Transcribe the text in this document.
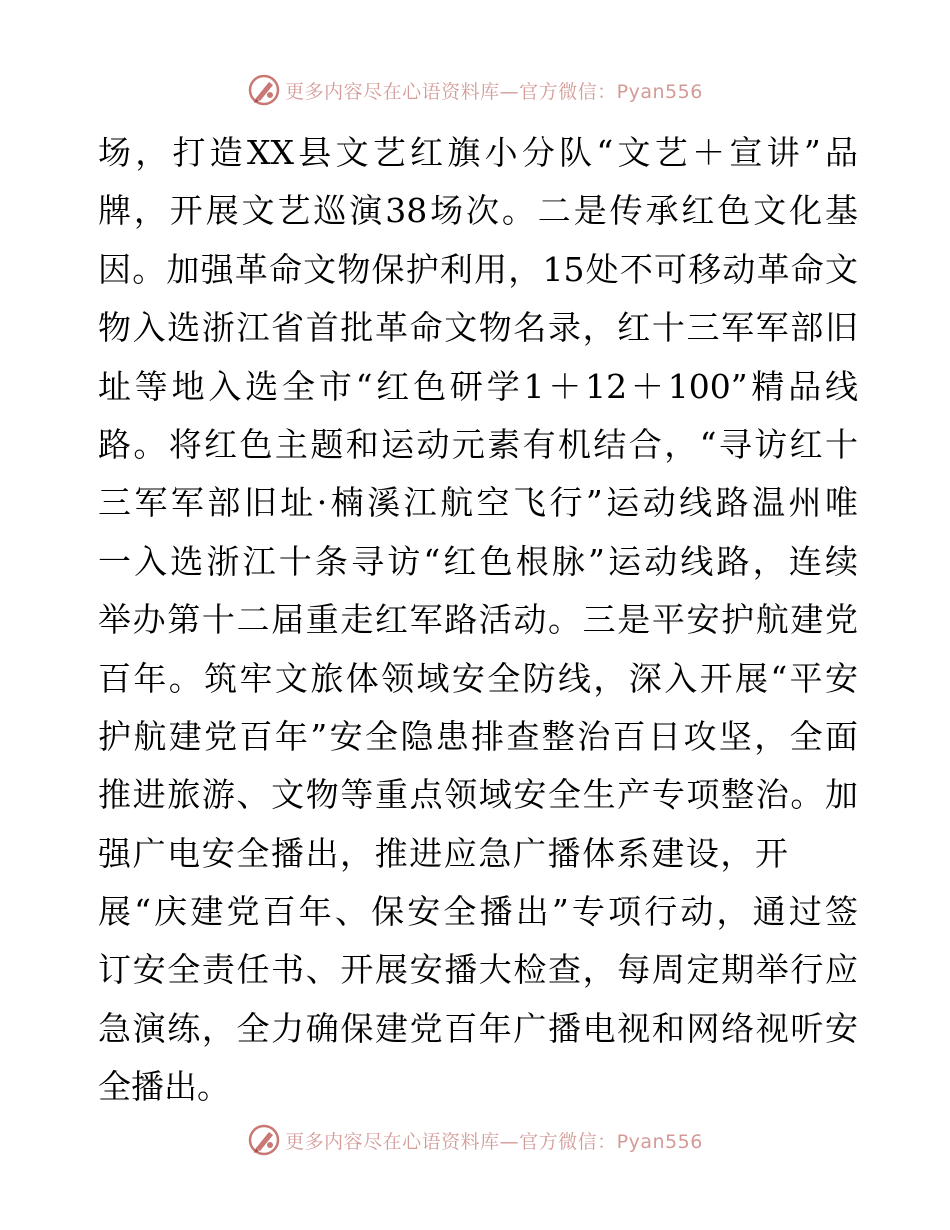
更多内容尽在心语资料库—官方微信：Pyan556
场，打造XX县文艺红旗小分队“文艺＋宣讲”品
牌，开展文艺巡演38场次。二是传承红色文化基
因。加强革命文物保护利用，15处不可移动革命文
物入选浙江省首批革命文物名录，红十三军军部旧
址等地入选全市“红色研学1＋12＋100”精品线
路。将红色主题和运动元素有机结合，“寻访红十
三军军部旧址·楠溪江航空飞行”运动线路温州唯
一入选浙江十条寻访“红色根脉”运动线路，连续
举办第十二届重走红军路活动。三是平安护航建党
百年。筑牢文旅体领域安全防线，深入开展“平安
护航建党百年”安全隐患排查整治百日攻坚，全面
推进旅游、文物等重点领域安全生产专项整治。加
强广电安全播出，推进应急广播体系建设，开
展“庆建党百年、保安全播出”专项行动，通过签
订安全责任书、开展安播大检查，每周定期举行应
急演练，全力确保建党百年广播电视和网络视听安
全播出。
更多内容尽在心语资料库—官方微信：Pyan556
